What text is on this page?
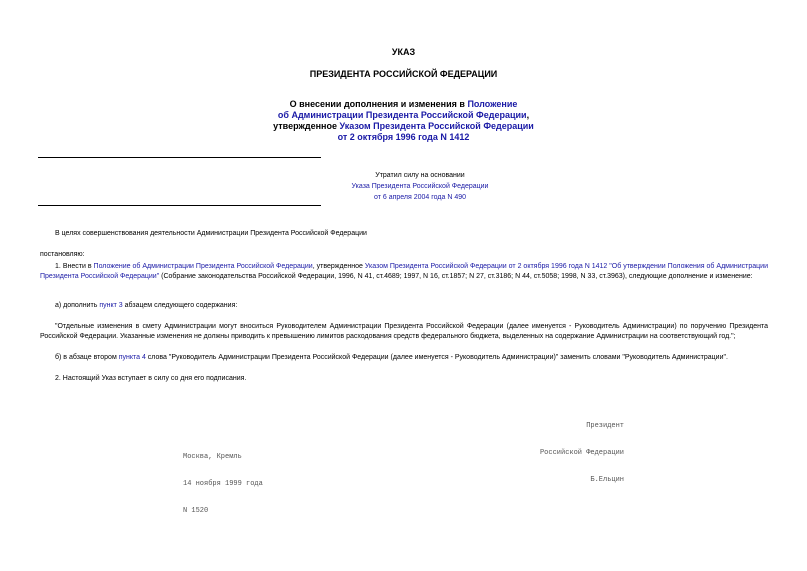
УКАЗ
ПРЕЗИДЕНТА РОССИЙСКОЙ ФЕДЕРАЦИИ
О внесении дополнения и изменения в Положение
об Администрации Президента Российской Федерации,
утвержденное Указом Президента Российской Федерации
от 2 октября 1996 года N 1412
Утратил силу на основании
Указа Президента Российской Федерации
от 6 апреля 2004 года N 490
В целях совершенствования деятельности Администрации Президента Российской Федерации
постановляю:
1. Внести в Положение об Администрации Президента Российской Федерации, утвержденное Указом Президента Российской Федерации от 2 октября 1996 года N 1412 "Об утверждении Положения об Администрации Президента Российской Федерации" (Собрание законодательства Российской Федерации, 1996, N 41, ст.4689; 1997, N 16, ст.1857; N 27, ст.3186; N 44, ст.5058; 1998, N 33, ст.3963), следующие дополнение и изменение:
а) дополнить пункт 3 абзацем следующего содержания:
"Отдельные изменения в смету Администрации могут вноситься Руководителем Администрации Президента Российской Федерации (далее именуется - Руководитель Администрации) по поручению Президента Российской Федерации. Указанные изменения не должны приводить к превышению лимитов расходования средств федерального бюджета, выделенных на содержание Администрации на соответствующий год.";
б) в абзаце втором пункта 4 слова "Руководитель Администрации Президента Российской Федерации (далее именуется - Руководитель Администрации)" заменить словами "Руководитель Администрации".
2. Настоящий Указ вступает в силу со дня его подписания.

Президент

Российской Федерации

Б.Ельцин

Москва, Кремль

14 ноября 1999 года

N 1520
